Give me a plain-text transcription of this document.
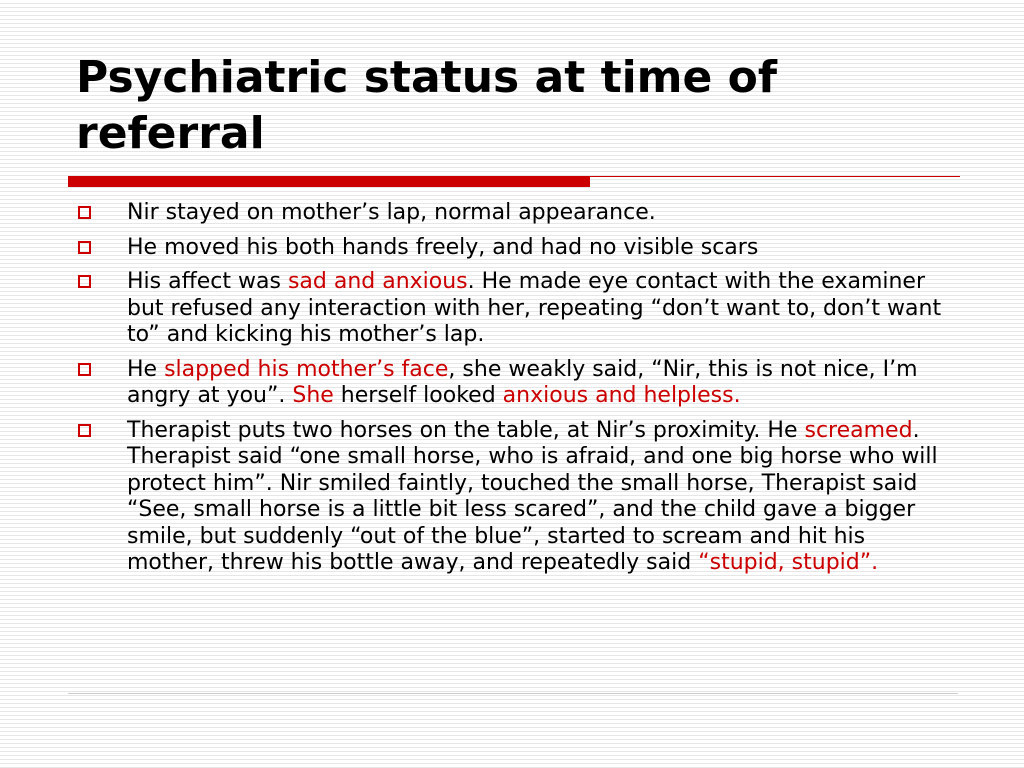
Psychiatric status at time of
referral
Nir stayed on mother’s lap, normal appearance.
He moved his both hands freely, and had no visible scars
His affect was sad and anxious. He made eye contact with the examiner but refused any interaction with her, repeating “don’t want to, don’t want to” and kicking his mother’s lap.
He slapped his mother’s face, she weakly said, “Nir, this is not nice, I’m angry at you”. She herself looked anxious and helpless.
Therapist puts two horses on the table, at Nir’s proximity. He screamed. Therapist said “one small horse, who is afraid, and one big horse who will protect him”. Nir smiled faintly, touched the small horse, Therapist said “See, small horse is a little bit less scared”, and the child gave a bigger smile, but suddenly “out of the blue”, started to scream and hit his mother, threw his bottle away, and repeatedly said “stupid, stupid”.
